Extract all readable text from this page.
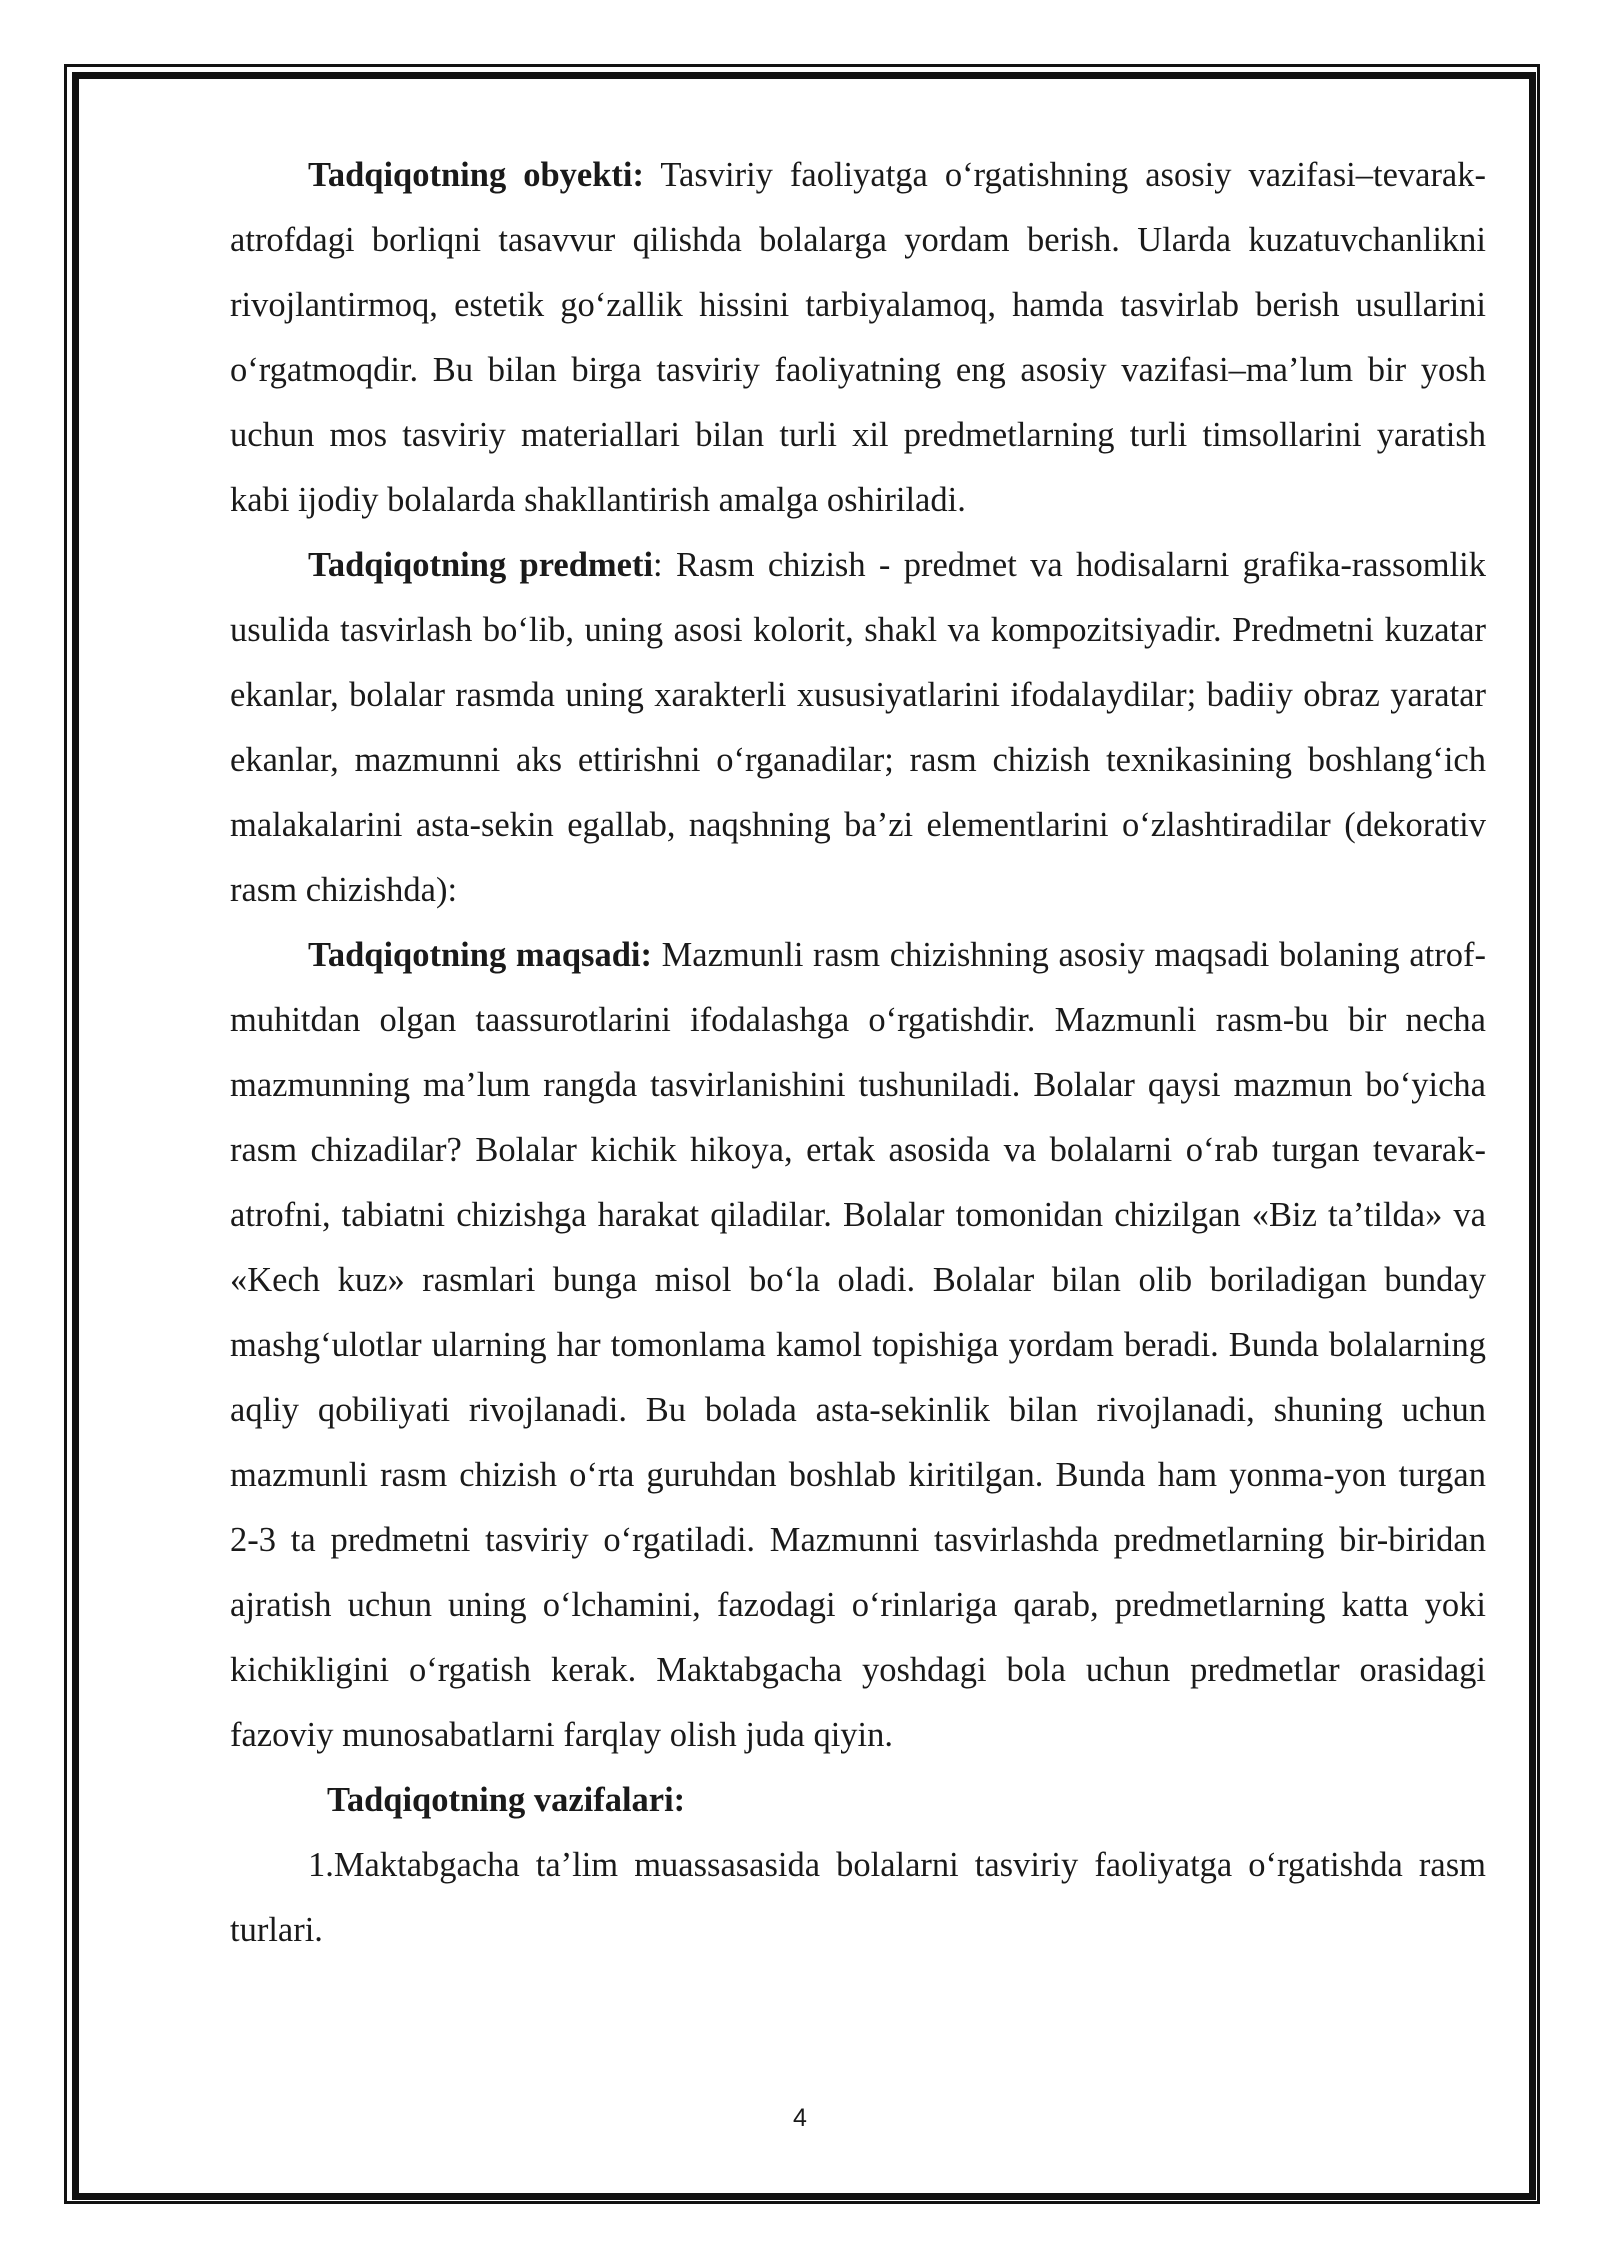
Tadqiqotning obyekti: Tasviriy faoliyatga o‘rgatishning asosiy vazifasi–tevarak-atrofdagi borliqni tasavvur qilishda bolalarga yordam berish. Ularda kuzatuvchanlikni rivojlantirmoq, estetik go‘zallik hissini tarbiyalamoq, hamda tasvirlab berish usullarini o‘rgatmoqdir. Bu bilan birga tasviriy faoliyatning eng asosiy vazifasi–ma’lum bir yosh uchun mos tasviriy materiallari bilan turli xil predmetlarning turli timsollarini yaratish kabi ijodiy bolalarda shakllantirish amalga oshiriladi.

Tadqiqotning predmeti: Rasm chizish - predmet va hodisalarni grafika-rassomlik usulida tasvirlash bo‘lib, uning asosi kolorit, shakl va kompozitsiyadir. Predmetni kuzatar ekanlar, bolalar rasmda uning xarakterli xususiyatlarini ifodalaydilar; badiiy obraz yaratar ekanlar, mazmunni aks ettirishni o‘rganadilar; rasm chizish texnikasining boshlang‘ich malakalarini asta-sekin egallab, naqshning ba’zi elementlarini o‘zlashtiradilar (dekorativ rasm chizishda):

Tadqiqotning maqsadi: Mazmunli rasm chizishning asosiy maqsadi bolaning atrof-muhitdan olgan taassurotlarini ifodalashga o‘rgatishdir. Mazmunli rasm-bu bir necha mazmunning ma’lum rangda tasvirlanishini tushuniladi. Bolalar qaysi mazmun bo‘yicha rasm chizadilar? Bolalar kichik hikoya, ertak asosida va bolalarni o‘rab turgan tevarak-atrofni, tabiatni chizishga harakat qiladilar. Bolalar tomonidan chizilgan «Biz ta’tilda» va «Kech kuz» rasmlari bunga misol bo‘la oladi. Bolalar bilan olib boriladigan bunday mashg‘ulotlar ularning har tomonlama kamol topishiga yordam beradi. Bunda bolalarning aqliy qobiliyati rivojlanadi. Bu bolada asta-sekinlik bilan rivojlanadi, shuning uchun mazmunli rasm chizish o‘rta guruhdan boshlab kiritilgan. Bunda ham yonma-yon turgan 2-3 ta predmetni tasviriy o‘rgatiladi. Mazmunni tasvirlashda predmetlarning bir-biridan ajratish uchun uning o‘lchamini, fazodagi o‘rinlariga qarab, predmetlarning katta yoki kichikligini o‘rgatish kerak. Maktabgacha yoshdagi bola uchun predmetlar orasidagi fazoviy munosabatlarni farqlay olish juda qiyin.

Tadqiqotning vazifalari:

1.Maktabgacha ta’lim muassasasida bolalarni tasviriy faoliyatga o‘rgatishda rasm turlari.

4
